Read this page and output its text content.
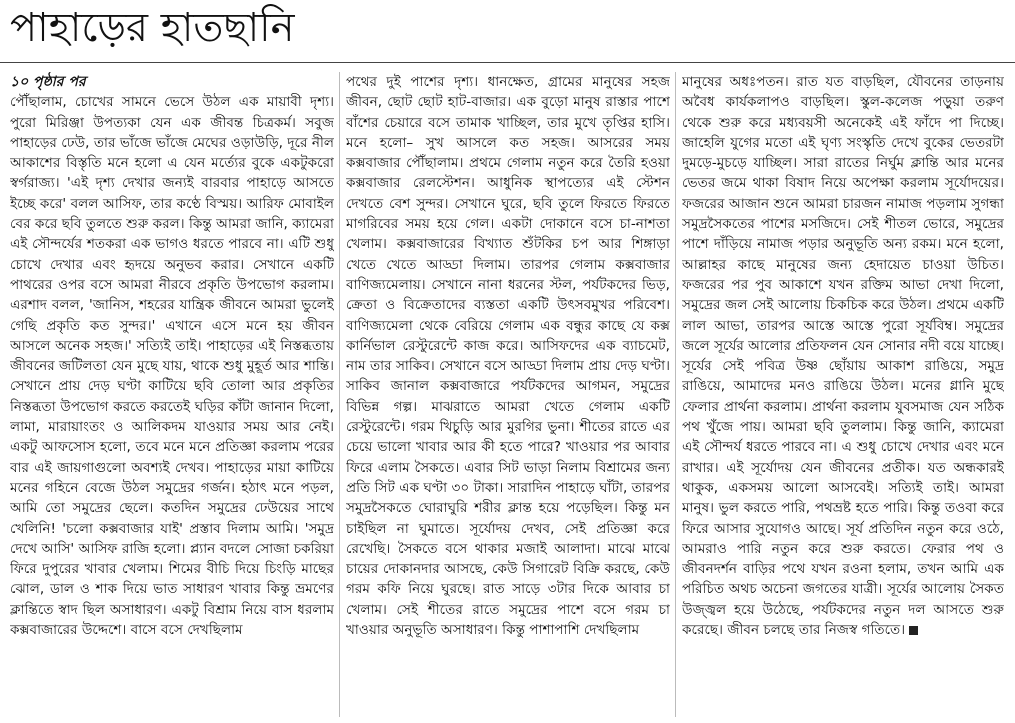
পাহাড়ের হাতছানি
১০ পৃষ্ঠার পর

পৌঁছালাম, চোখের সামনে ভেসে উঠল এক মায়াবী দৃশ্য। পুরো মিরিঞ্জা উপত্যকা যেন এক জীবন্ত চিত্রকর্ম। সবুজ পাহাড়ের ঢেউ, তার ভাঁজে ভাঁজে মেঘের ওড়াউড়ি, দূরে নীল আকাশের বিস্তৃতি মনে হলো এ যেন মর্ত্যের বুকে একটুকরো স্বর্গরাজ্য। 'এই দৃশ্য দেখার জন্যই বারবার পাহাড়ে আসতে ইচ্ছে করে' বলল আসিফ, তার কণ্ঠে বিস্ময়। আরিফ মোবাইল বের করে ছবি তুলতে শুরু করল। কিন্তু আমরা জানি, ক্যামেরা এই সৌন্দর্যের শতকরা এক ভাগও ধরতে পারবে না। এটি শুধু চোখে দেখার এবং হৃদয়ে অনুভব করার। সেখানে একটি পাথরের ওপর বসে আমরা নীরবে প্রকৃতি উপভোগ করলাম। এরশাদ বলল, 'জানিস, শহরের যান্ত্রিক জীবনে আমরা ভুলেই গেছি প্রকৃতি কত সুন্দর।' এখানে এসে মনে হয় জীবন আসলে অনেক সহজ।' সত্যিই তাই। পাহাড়ের এই নিস্তব্ধতায় জীবনের জটিলতা যেন মুছে যায়, থাকে শুধু মুহূর্ত আর শান্তি। সেখানে প্রায় দেড় ঘণ্টা কাটিয়ে ছবি তোলা আর প্রকৃতির নিস্তব্ধতা উপভোগ করতে করতেই ঘড়ির কাঁটা জানান দিলো, লামা, মারায়াংতং ও আলিকদম যাওয়ার সময় আর নেই। একটু আফসোস হলো, তবে মনে মনে প্রতিজ্ঞা করলাম পরের বার এই জায়গাগুলো অবশ্যই দেখব। পাহাড়ের মায়া কাটিয়ে মনের গহিনে বেজে উঠল সমুদ্রের গর্জন। হঠাৎ মনে পড়ল, আমি তো সমুদ্রের ছেলে। কতদিন সমুদ্রের ঢেউয়ের সাথে খেলিনি! 'চলো কক্সবাজার যাই' প্রস্তাব দিলাম আমি। 'সমুদ্র দেখে আসি' আসিফ রাজি হলো। প্ল্যান বদলে সোজা চকরিয়া ফিরে দুপুরের খাবার খেলাম। শিমের বীচি দিয়ে চিংড়ি মাছের ঝোল, ডাল ও শাক দিয়ে ভাত সাধারণ খাবার কিন্তু ভ্রমণের ক্লান্তিতে স্বাদ ছিল অসাধারণ। একটু বিশ্রাম নিয়ে বাস ধরলাম কক্সবাজারের উদ্দেশে। বাসে বসে দেখছিলাম

পথের দুই পাশের দৃশ্য। ধানক্ষেত, গ্রামের মানুষের সহজ জীবন, ছোট ছোট হাট-বাজার। এক বুড়ো মানুষ রাস্তার পাশে বাঁশের চেয়ারে বসে তামাক খাচ্ছিল, তার মুখে তৃপ্তির হাসি। মনে হলো– সুখ আসলে কত সহজ। আসরের সময় কক্সবাজার পৌঁছালাম। প্রথমে গেলাম নতুন করে তৈরি হওয়া কক্সবাজার রেলস্টেশন। আধুনিক স্থাপত্যের এই স্টেশন দেখতে বেশ সুন্দর। সেখানে ঘুরে, ছবি তুলে ফিরতে ফিরতে মাগরিবের সময় হয়ে গেল। একটা দোকানে বসে চা-নাশতা খেলাম। কক্সবাজারের বিখ্যাত শুঁটকির চপ আর শিঙ্গাড়া খেতে খেতে আড্ডা দিলাম। তারপর গেলাম কক্সবাজার বাণিজ্যমেলায়। সেখানে নানা ধরনের স্টল, পর্যটকদের ভিড়, ক্রেতা ও বিক্রেতাদের ব্যস্ততা একটি উৎসবমুখর পরিবেশ। বাণিজ্যমেলা থেকে বেরিয়ে গেলাম এক বন্ধুর কাছে যে কক্স কার্নিভাল রেস্টুরেন্টে কাজ করে। আসিফদের এক ব্যাচমেট, নাম তার সাকিব। সেখানে বসে আড্ডা দিলাম প্রায় দেড় ঘণ্টা। সাকিব জানাল কক্সবাজারে পর্যটকদের আগমন, সমুদ্রের বিভিন্ন গল্প। মাঝরাতে আমরা খেতে গেলাম একটি রেস্টুরেন্টে। গরম খিচুড়ি আর মুরগির ভুনা। শীতের রাতে এর চেয়ে ভালো খাবার আর কী হতে পারে? খাওয়ার পর আবার ফিরে এলাম সৈকতে। এবার সিট ভাড়া নিলাম বিশ্রামের জন্য প্রতি সিট এক ঘণ্টা ৩০ টাকা। সারাদিন পাহাড়ে ঘাঁটা, তারপর সমুদ্রসৈকতে ঘোরাঘুরি শরীর ক্লান্ত হয়ে পড়েছিল। কিন্তু মন চাইছিল না ঘুমাতে। সূর্যোদয় দেখব, সেই প্রতিজ্ঞা করে রেখেছি। সৈকতে বসে থাকার মজাই আলাদা। মাঝে মাঝে চায়ের দোকানদার আসছে, কেউ সিগারেট বিক্রি করছে, কেউ গরম কফি নিয়ে ঘুরছে। রাত সাড়ে ৩টার দিকে আবার চা খেলাম। সেই শীতের রাতে সমুদ্রের পাশে বসে গরম চা খাওয়ার অনুভূতি অসাধারণ। কিন্তু পাশাপাশি দেখছিলাম

মানুষের অধঃপতন। রাত যত বাড়ছিল, যৌবনের তাড়নায় অবৈধ কার্যকলাপও বাড়ছিল। স্কুল-কলেজ পড়ুয়া তরুণ থেকে শুরু করে মধ্যবয়সী অনেকেই এই ফাঁদে পা দিচ্ছে। জাহেলি যুগের মতো এই ঘৃণ্য সংস্কৃতি দেখে বুকের ভেতরটা দুমড়ে-মুচড়ে যাচ্ছিল। সারা রাতের নির্ঘুম ক্লান্তি আর মনের ভেতর জমে থাকা বিষাদ নিয়ে অপেক্ষা করলাম সূর্যোদয়ের। ফজরের আজান শুনে আমরা চারজন নামাজ পড়লাম সুগন্ধা সমুদ্রসৈকতের পাশের মসজিদে। সেই শীতল ভোরে, সমুদ্রের পাশে দাঁড়িয়ে নামাজ পড়ার অনুভূতি অন্য রকম। মনে হলো, আল্লাহর কাছে মানুষের জন্য হেদায়েত চাওয়া উচিত। ফজরের পর পুব আকাশে যখন রক্তিম আভা দেখা দিলো, সমুদ্রের জল সেই আলোয় চিকচিক করে উঠল। প্রথমে একটি লাল আভা, তারপর আস্তে আস্তে পুরো সূর্যবিম্ব। সমুদ্রের জলে সূর্যের আলোর প্রতিফলন যেন সোনার নদী বয়ে যাচ্ছে। সূর্যের সেই পবিত্র উষ্ণ ছোঁয়ায় আকাশ রাঙিয়ে, সমুদ্র রাঙিয়ে, আমাদের মনও রাঙিয়ে উঠল। মনের গ্লানি মুছে ফেলার প্রার্থনা করলাম। প্রার্থনা করলাম যুবসমাজ যেন সঠিক পথ খুঁজে পায়। আমরা ছবি তুললাম। কিন্তু জানি, ক্যামেরা এই সৌন্দর্য ধরতে পারবে না। এ শুধু চোখে দেখার এবং মনে রাখার। এই সূর্যোদয় যেন জীবনের প্রতীক। যত অন্ধকারই থাকুক, একসময় আলো আসবেই। সত্যিই তাই। আমরা মানুষ। ভুল করতে পারি, পথভ্রষ্ট হতে পারি। কিন্তু তওবা করে ফিরে আসার সুযোগও আছে। সূর্য প্রতিদিন নতুন করে ওঠে, আমরাও পারি নতুন করে শুরু করতে। ফেরার পথ ও জীবনদর্শন বাড়ির পথে যখন রওনা হলাম, তখন আমি এক পরিচিত অথচ অচেনা জগতের যাত্রী। সূর্যের আলোয় সৈকত উজ্জ্বল হয়ে উঠেছে, পর্যটকদের নতুন দল আসতে শুরু করেছে। জীবন চলছে তার নিজস্ব গতিতে।
